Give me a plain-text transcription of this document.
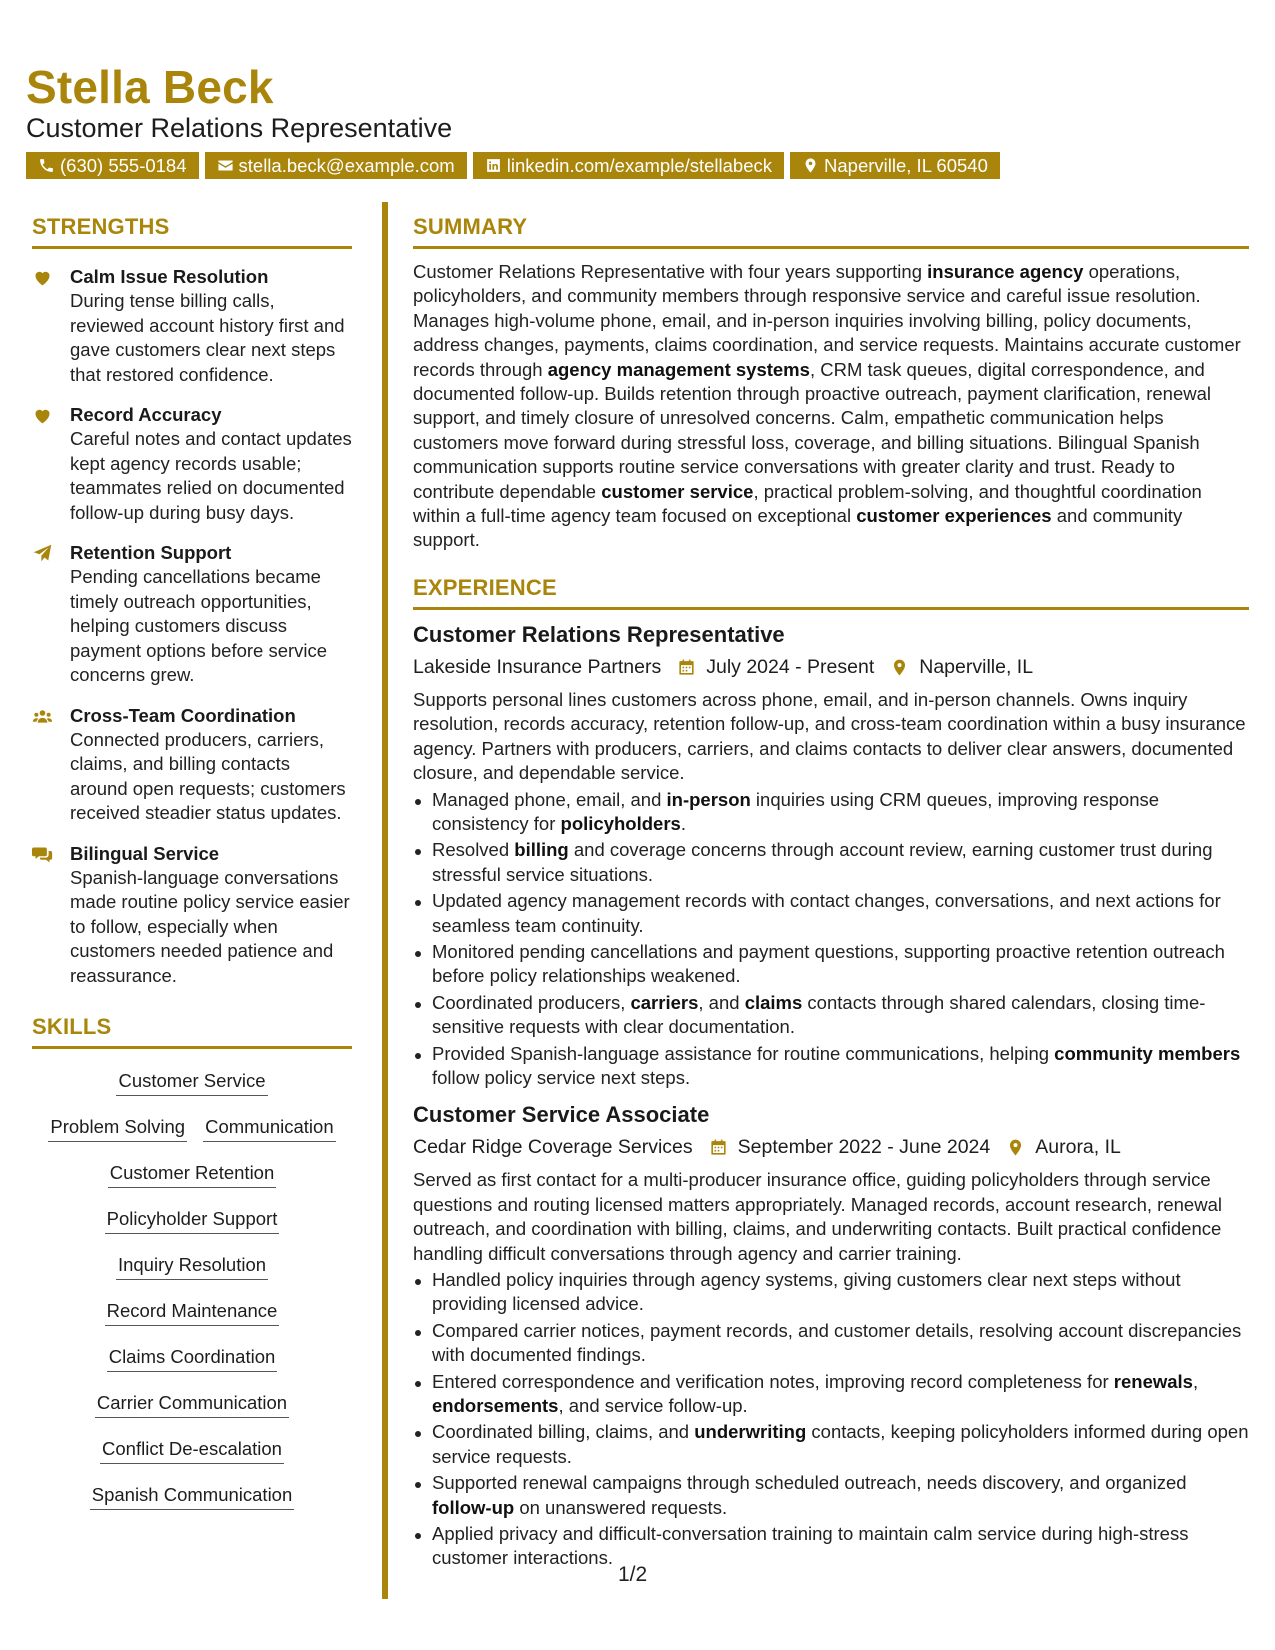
Stella Beck
Customer Relations Representative
(630) 555-0184	stella.beck@example.com	linkedin.com/example/stellabeck	Naperville, IL 60540
STRENGTHS
Calm Issue Resolution
During tense billing calls, reviewed account history first and gave customers clear next steps that restored confidence.
Record Accuracy
Careful notes and contact updates kept agency records usable; teammates relied on documented follow-up during busy days.
Retention Support
Pending cancellations became timely outreach opportunities, helping customers discuss payment options before service concerns grew.
Cross-Team Coordination
Connected producers, carriers, claims, and billing contacts around open requests; customers received steadier status updates.
Bilingual Service
Spanish-language conversations made routine policy service easier to follow, especially when customers needed patience and reassurance.
SKILLS
Customer Service
Problem Solving Communication
Customer Retention
Policyholder Support
Inquiry Resolution
Record Maintenance
Claims Coordination
Carrier Communication
Conflict De-escalation
Spanish Communication
SUMMARY
Customer Relations Representative with four years supporting insurance agency operations, policyholders, and community members through responsive service and careful issue resolution. Manages high-volume phone, email, and in-person inquiries involving billing, policy documents, address changes, payments, claims coordination, and service requests. Maintains accurate customer records through agency management systems, CRM task queues, digital correspondence, and documented follow-up. Builds retention through proactive outreach, payment clarification, renewal support, and timely closure of unresolved concerns. Calm, empathetic communication helps customers move forward during stressful loss, coverage, and billing situations. Bilingual Spanish communication supports routine service conversations with greater clarity and trust. Ready to contribute dependable customer service, practical problem-solving, and thoughtful coordination within a full-time agency team focused on exceptional customer experiences and community support.
EXPERIENCE
Customer Relations Representative
Lakeside Insurance Partners July 2024 - Present Naperville, IL
Supports personal lines customers across phone, email, and in-person channels. Owns inquiry resolution, records accuracy, retention follow-up, and cross-team coordination within a busy insurance agency. Partners with producers, carriers, and claims contacts to deliver clear answers, documented closure, and dependable service.
Managed phone, email, and in-person inquiries using CRM queues, improving response consistency for policyholders.
Resolved billing and coverage concerns through account review, earning customer trust during stressful service situations.
Updated agency management records with contact changes, conversations, and next actions for seamless team continuity.
Monitored pending cancellations and payment questions, supporting proactive retention outreach before policy relationships weakened.
Coordinated producers, carriers, and claims contacts through shared calendars, closing time-sensitive requests with clear documentation.
Provided Spanish-language assistance for routine communications, helping community members follow policy service next steps.
Customer Service Associate
Cedar Ridge Coverage Services September 2022 - June 2024 Aurora, IL
Served as first contact for a multi-producer insurance office, guiding policyholders through service questions and routing licensed matters appropriately. Managed records, account research, renewal outreach, and coordination with billing, claims, and underwriting contacts. Built practical confidence handling difficult conversations through agency and carrier training.
Handled policy inquiries through agency systems, giving customers clear next steps without providing licensed advice.
Compared carrier notices, payment records, and customer details, resolving account discrepancies with documented findings.
Entered correspondence and verification notes, improving record completeness for renewals, endorsements, and service follow-up.
Coordinated billing, claims, and underwriting contacts, keeping policyholders informed during open service requests.
Supported renewal campaigns through scheduled outreach, needs discovery, and organized follow-up on unanswered requests.
Applied privacy and difficult-conversation training to maintain calm service during high-stress customer interactions.
1/2
